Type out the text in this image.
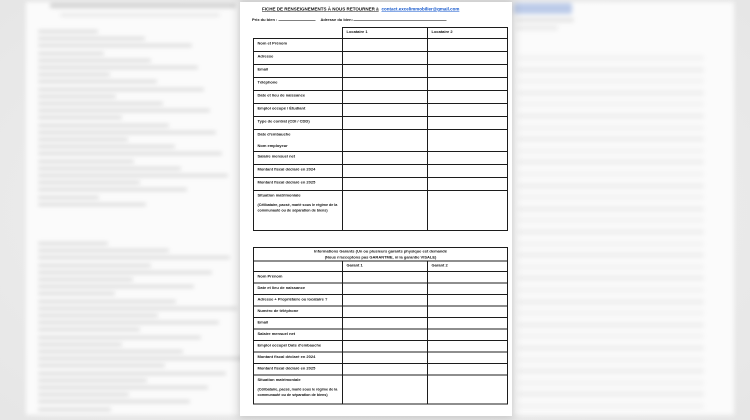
FICHE DE RENSEIGNEMENTS À NOUS RETOURNER à contact.excelimmobilier@gmail.com
Prix du bien :	Adresse du bien:
	Locataire 1	Locataire 2

Nom et Prénom		

Adresse		

Email		

Téléphone		

Date et lieu de naissance		

Emploi occupé / Étudiant		

Type de contrat (CDI / CDD)		

Date d'embauche
Nom employeur		

Salaire mensuel net		

Montant fiscal déclaré en 2024		

Montant fiscal déclaré en 2025		

Situation matrimoniale
(Célibataire, pacsé, marié sous le régime de la communauté ou de séparation de biens)		

Informations Garants (Un ou plusieurs garants physique est demandé
(Nous n'acceptons pas GARANTME, ni la garantie VISALE)		

	Garant 1	Garant 2

Nom Prénom		

Date et lieu de naissance		

Adresse + Propriétaire ou locataire ?		

Numéro de téléphone		

Email		

Salaire mensuel net		

Emploi occupé/ Date d'embauche		

Montant fiscal déclaré en 2024		

Montant fiscal déclaré en 2025		

Situation matrimoniale
(Célibataire, pacsé, marié sous le régime de la communauté ou de séparation de biens)		
